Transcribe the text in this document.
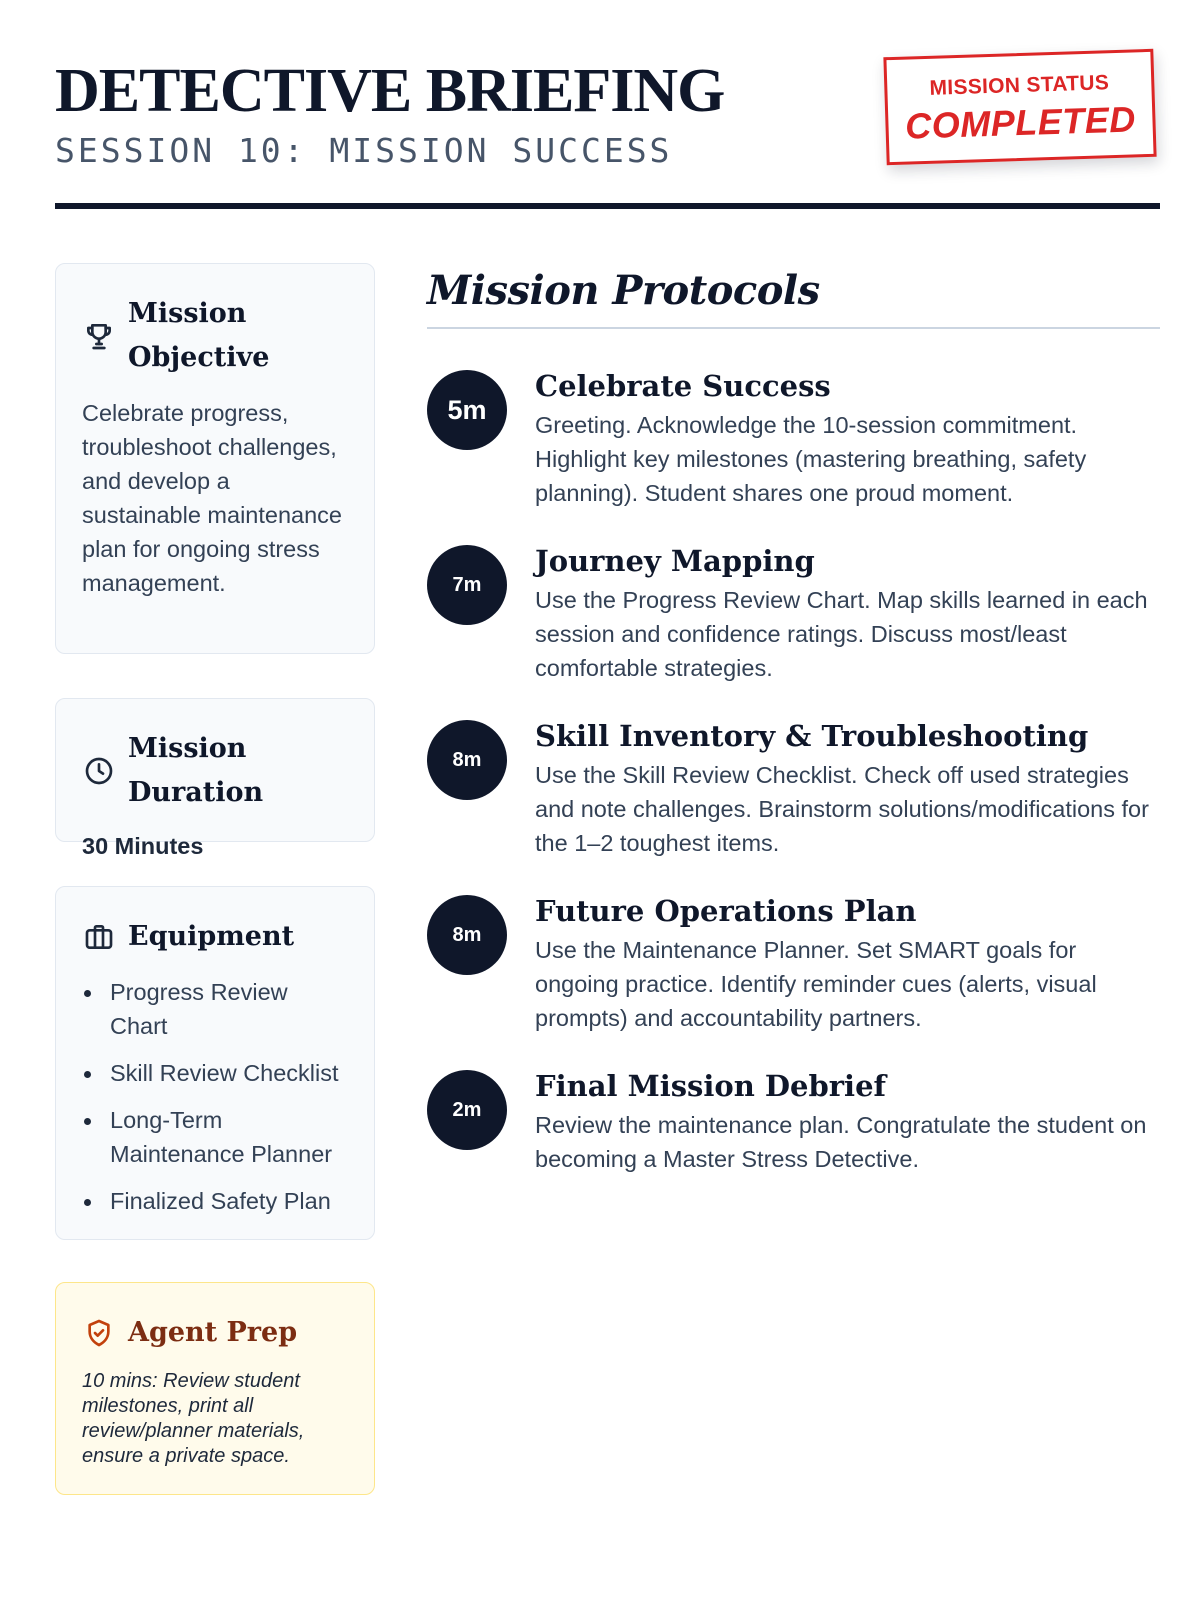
DETECTIVE BRIEFING
SESSION 10: MISSION SUCCESS
MISSION STATUS
COMPLETED
Mission Objective
Celebrate progress, troubleshoot challenges, and develop a sustainable maintenance plan for ongoing stress management.
Mission Duration
30 Minutes
Equipment
Progress Review Chart
Skill Review Checklist
Long-Term Maintenance Planner
Finalized Safety Plan
Agent Prep
10 mins: Review student milestones, print all review/planner materials, ensure a private space.
Mission Protocols
5m
Celebrate Success
Greeting. Acknowledge the 10-session commitment. Highlight key milestones (mastering breathing, safety planning). Student shares one proud moment.
7m
Journey Mapping
Use the Progress Review Chart. Map skills learned in each session and confidence ratings. Discuss most/least comfortable strategies.
8m
Skill Inventory & Troubleshooting
Use the Skill Review Checklist. Check off used strategies and note challenges. Brainstorm solutions/modifications for the 1–2 toughest items.
8m
Future Operations Plan
Use the Maintenance Planner. Set SMART goals for ongoing practice. Identify reminder cues (alerts, visual prompts) and accountability partners.
2m
Final Mission Debrief
Review the maintenance plan. Congratulate the student on becoming a Master Stress Detective.
